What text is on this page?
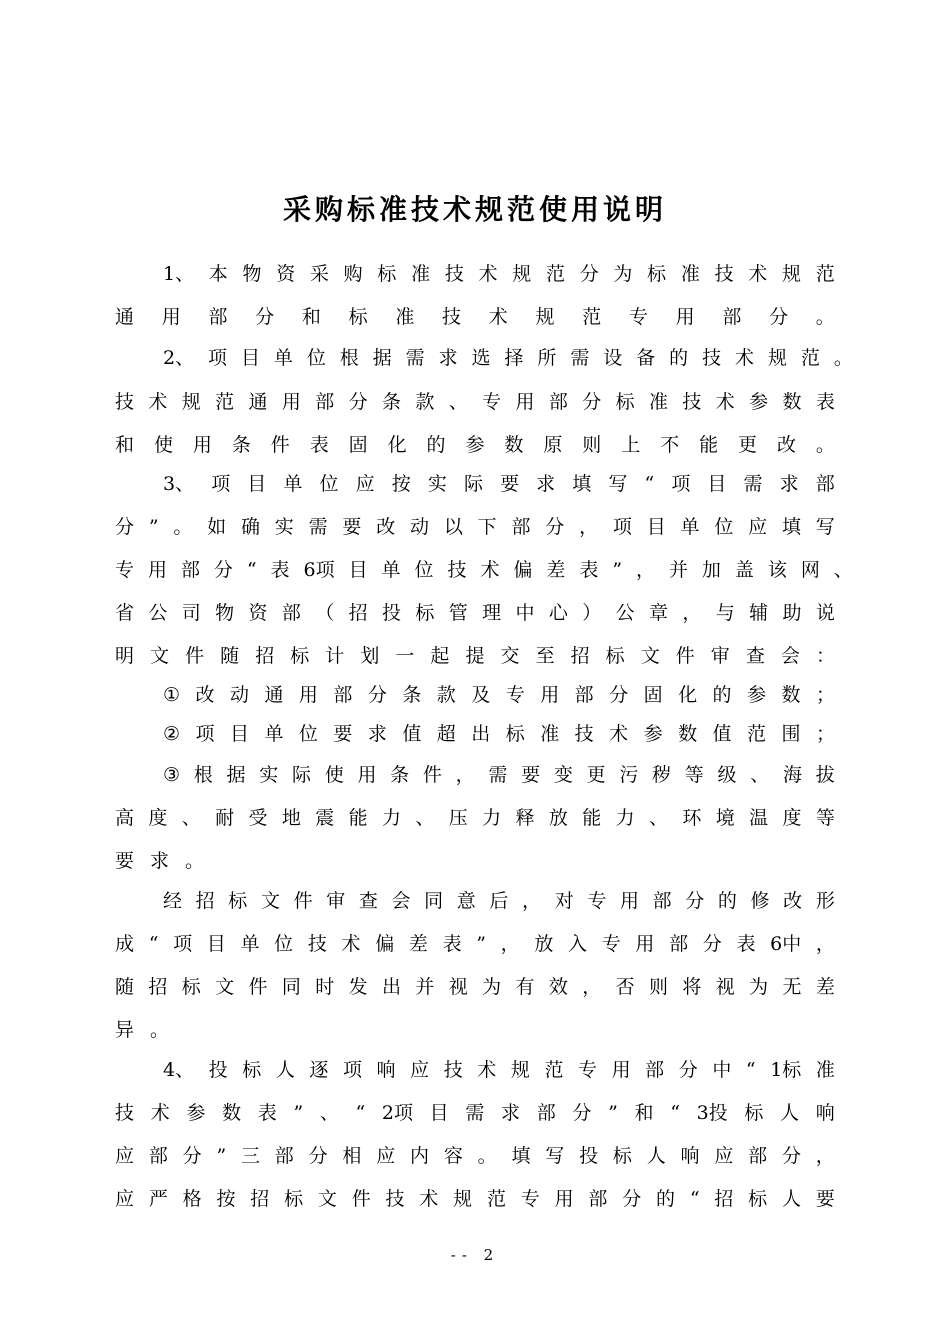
采购标准技术规范使用说明
1、 本 物 资 采 购 标 准 技 术 规 范 分 为 标 准 技 术 规 范
通 用 部 分 和 标 准 技 术 规 范 专 用 部 分 。
2、 项 目 单 位 根 据 需 求 选 择 所 需 设 备 的 技 术 规 范 。
技 术 规 范 通 用 部 分 条 款 、 专 用 部 分 标 准 技 术 参 数 表
和 使 用 条 件 表 固 化 的 参 数 原 则 上 不 能 更 改 。
3、 项 目 单 位 应 按 实 际 要 求 填 写 “ 项 目 需 求 部
分 ” 。 如 确 实 需 要 改 动 以 下 部 分 ， 项 目 单 位 应 填 写
专 用 部 分 “ 表 6项 目 单 位 技 术 偏 差 表 ” ， 并 加 盖 该 网 、
省 公 司 物 资 部 （ 招 投 标 管 理 中 心 ） 公 章 ， 与 辅 助 说
明 文 件 随 招 标 计 划 一 起 提 交 至 招 标 文 件 审 查 会 ：
① 改 动 通 用 部 分 条 款 及 专 用 部 分 固 化 的 参 数 ；
② 项 目 单 位 要 求 值 超 出 标 准 技 术 参 数 值 范 围 ；
③ 根 据 实 际 使 用 条 件 ， 需 要 变 更 污 秽 等 级 、 海 拔
高 度 、 耐 受 地 震 能 力 、 压 力 释 放 能 力 、 环 境 温 度 等
要 求 。
经 招 标 文 件 审 查 会 同 意 后 ， 对 专 用 部 分 的 修 改 形
成 “ 项 目 单 位 技 术 偏 差 表 ” ， 放 入 专 用 部 分 表 6中 ，
随 招 标 文 件 同 时 发 出 并 视 为 有 效 ， 否 则 将 视 为 无 差
异 。
4、 投 标 人 逐 项 响 应 技 术 规 范 专 用 部 分 中 “ 1标 准
技 术 参 数 表 ” 、 “ 2项 目 需 求 部 分 ” 和 “ 3投 标 人 响
应 部 分 ” 三 部 分 相 应 内 容 。 填 写 投 标 人 响 应 部 分 ，
应 严 格 按 招 标 文 件 技 术 规 范 专 用 部 分 的 “ 招 标 人 要
-- 2
